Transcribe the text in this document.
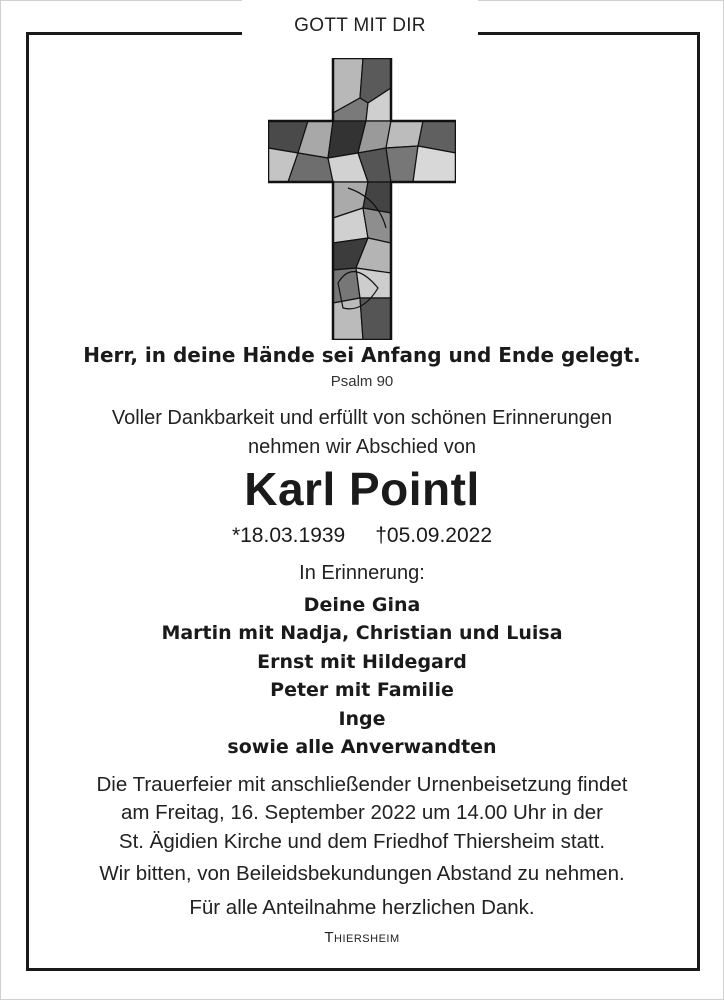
GOTT MIT DIR
Herr, in deine Hände sei Anfang und Ende gelegt.
Psalm 90
Voller Dankbarkeit und erfüllt von schönen Erinnerungen
nehmen wir Abschied von
Karl Pointl
*18.03.1939 †05.09.2022
In Erinnerung:
Deine Gina
Martin mit Nadja, Christian und Luisa
Ernst mit Hildegard
Peter mit Familie
Inge
sowie alle Anverwandten
Die Trauerfeier mit anschließender Urnenbeisetzung findet
am Freitag, 16. September 2022 um 14.00 Uhr in der
St. Ägidien Kirche und dem Friedhof Thiersheim statt.
Wir bitten, von Beileidsbekundungen Abstand zu nehmen.
Für alle Anteilnahme herzlichen Dank.
Thiersheim
